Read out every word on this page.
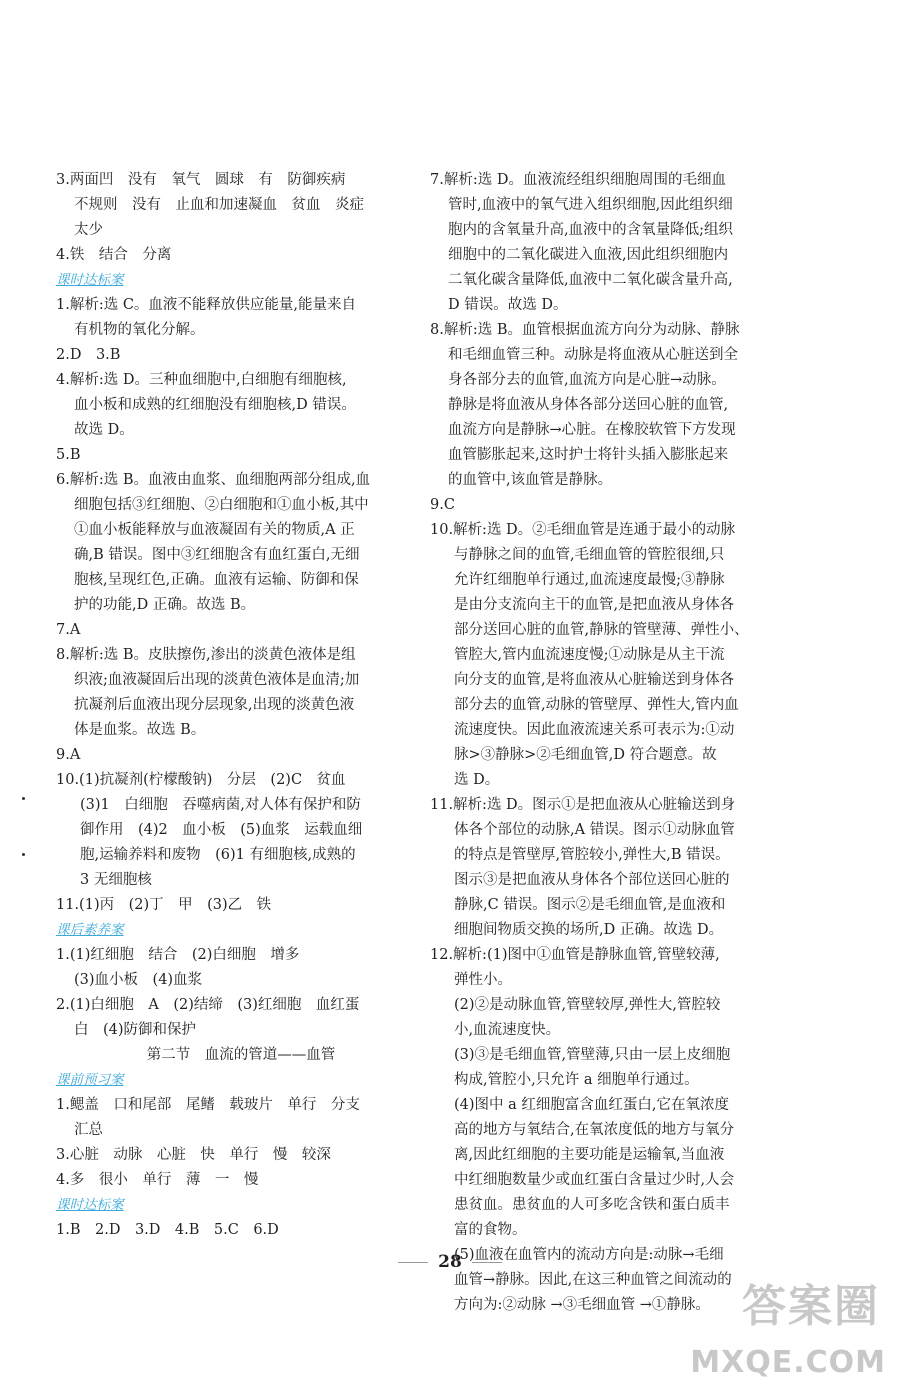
3.两面凹　没有　氧气　圆球　有　防御疾病
不规则　没有　止血和加速凝血　贫血　炎症
太少
4.铁　结合　分离
课时达标案
1.解析:选 C。血液不能释放供应能量,能量来自
有机物的氧化分解。
2.D　3.B
4.解析:选 D。三种血细胞中,白细胞有细胞核,
血小板和成熟的红细胞没有细胞核,D 错误。
故选 D。
5.B
6.解析:选 B。血液由血浆、血细胞两部分组成,血
细胞包括③红细胞、②白细胞和①血小板,其中
①血小板能释放与血液凝固有关的物质,A 正
确,B 错误。图中③红细胞含有血红蛋白,无细
胞核,呈现红色,正确。血液有运输、防御和保
护的功能,D 正确。故选 B。
7.A
8.解析:选 B。皮肤擦伤,渗出的淡黄色液体是组
织液;血液凝固后出现的淡黄色液体是血清;加
抗凝剂后血液出现分层现象,出现的淡黄色液
体是血浆。故选 B。
9.A
10.(1)抗凝剂(柠檬酸钠)　分层　(2)C　贫血
(3)1　白细胞　吞噬病菌,对人体有保护和防
御作用　(4)2　血小板　(5)血浆　运载血细
胞,运输养料和废物　(6)1 有细胞核,成熟的
3 无细胞核
11.(1)丙　(2)丁　甲　(3)乙　铁
课后素养案
1.(1)红细胞　结合　(2)白细胞　增多
(3)血小板　(4)血浆
2.(1)白细胞　A　(2)结缔　(3)红细胞　血红蛋
白　(4)防御和保护
第二节　血流的管道——血管
课前预习案
1.鳃盖　口和尾部　尾鳍　载玻片　单行　分支
汇总
3.心脏　动脉　心脏　快　单行　慢　较深
4.多　很小　单行　薄　一　慢
课时达标案
1.B　2.D　3.D　4.B　5.C　6.D
7.解析:选 D。血液流经组织细胞周围的毛细血
管时,血液中的氧气进入组织细胞,因此组织细
胞内的含氧量升高,血液中的含氧量降低;组织
细胞中的二氧化碳进入血液,因此组织细胞内
二氧化碳含量降低,血液中二氧化碳含量升高,
D 错误。故选 D。
8.解析:选 B。血管根据血流方向分为动脉、静脉
和毛细血管三种。动脉是将血液从心脏送到全
身各部分去的血管,血流方向是心脏→动脉。
静脉是将血液从身体各部分送回心脏的血管,
血流方向是静脉→心脏。在橡胶软管下方发现
血管膨胀起来,这时护士将针头插入膨胀起来
的血管中,该血管是静脉。
9.C
10.解析:选 D。②毛细血管是连通于最小的动脉
与静脉之间的血管,毛细血管的管腔很细,只
允许红细胞单行通过,血流速度最慢;③静脉
是由分支流向主干的血管,是把血液从身体各
部分送回心脏的血管,静脉的管壁薄、弹性小、
管腔大,管内血流速度慢;①动脉是从主干流
向分支的血管,是将血液从心脏输送到身体各
部分去的血管,动脉的管壁厚、弹性大,管内血
流速度快。因此血液流速关系可表示为:①动
脉>③静脉>②毛细血管,D 符合题意。故
选 D。
11.解析:选 D。图示①是把血液从心脏输送到身
体各个部位的动脉,A 错误。图示①动脉血管
的特点是管壁厚,管腔较小,弹性大,B 错误。
图示③是把血液从身体各个部位送回心脏的
静脉,C 错误。图示②是毛细血管,是血液和
细胞间物质交换的场所,D 正确。故选 D。
12.解析:(1)图中①血管是静脉血管,管壁较薄,
弹性小。
(2)②是动脉血管,管壁较厚,弹性大,管腔较
小,血流速度快。
(3)③是毛细血管,管壁薄,只由一层上皮细胞
构成,管腔小,只允许 a 细胞单行通过。
(4)图中 a 红细胞富含血红蛋白,它在氧浓度
高的地方与氧结合,在氧浓度低的地方与氧分
离,因此红细胞的主要功能是运输氧,当血液
中红细胞数量少或血红蛋白含量过少时,人会
患贫血。患贫血的人可多吃含铁和蛋白质丰
富的食物。
(5)血液在血管内的流动方向是:动脉→毛细
血管→静脉。因此,在这三种血管之间流动的
方向为:②动脉 →③毛细血管 →①静脉。
28
答案圈
MXQE.COM
